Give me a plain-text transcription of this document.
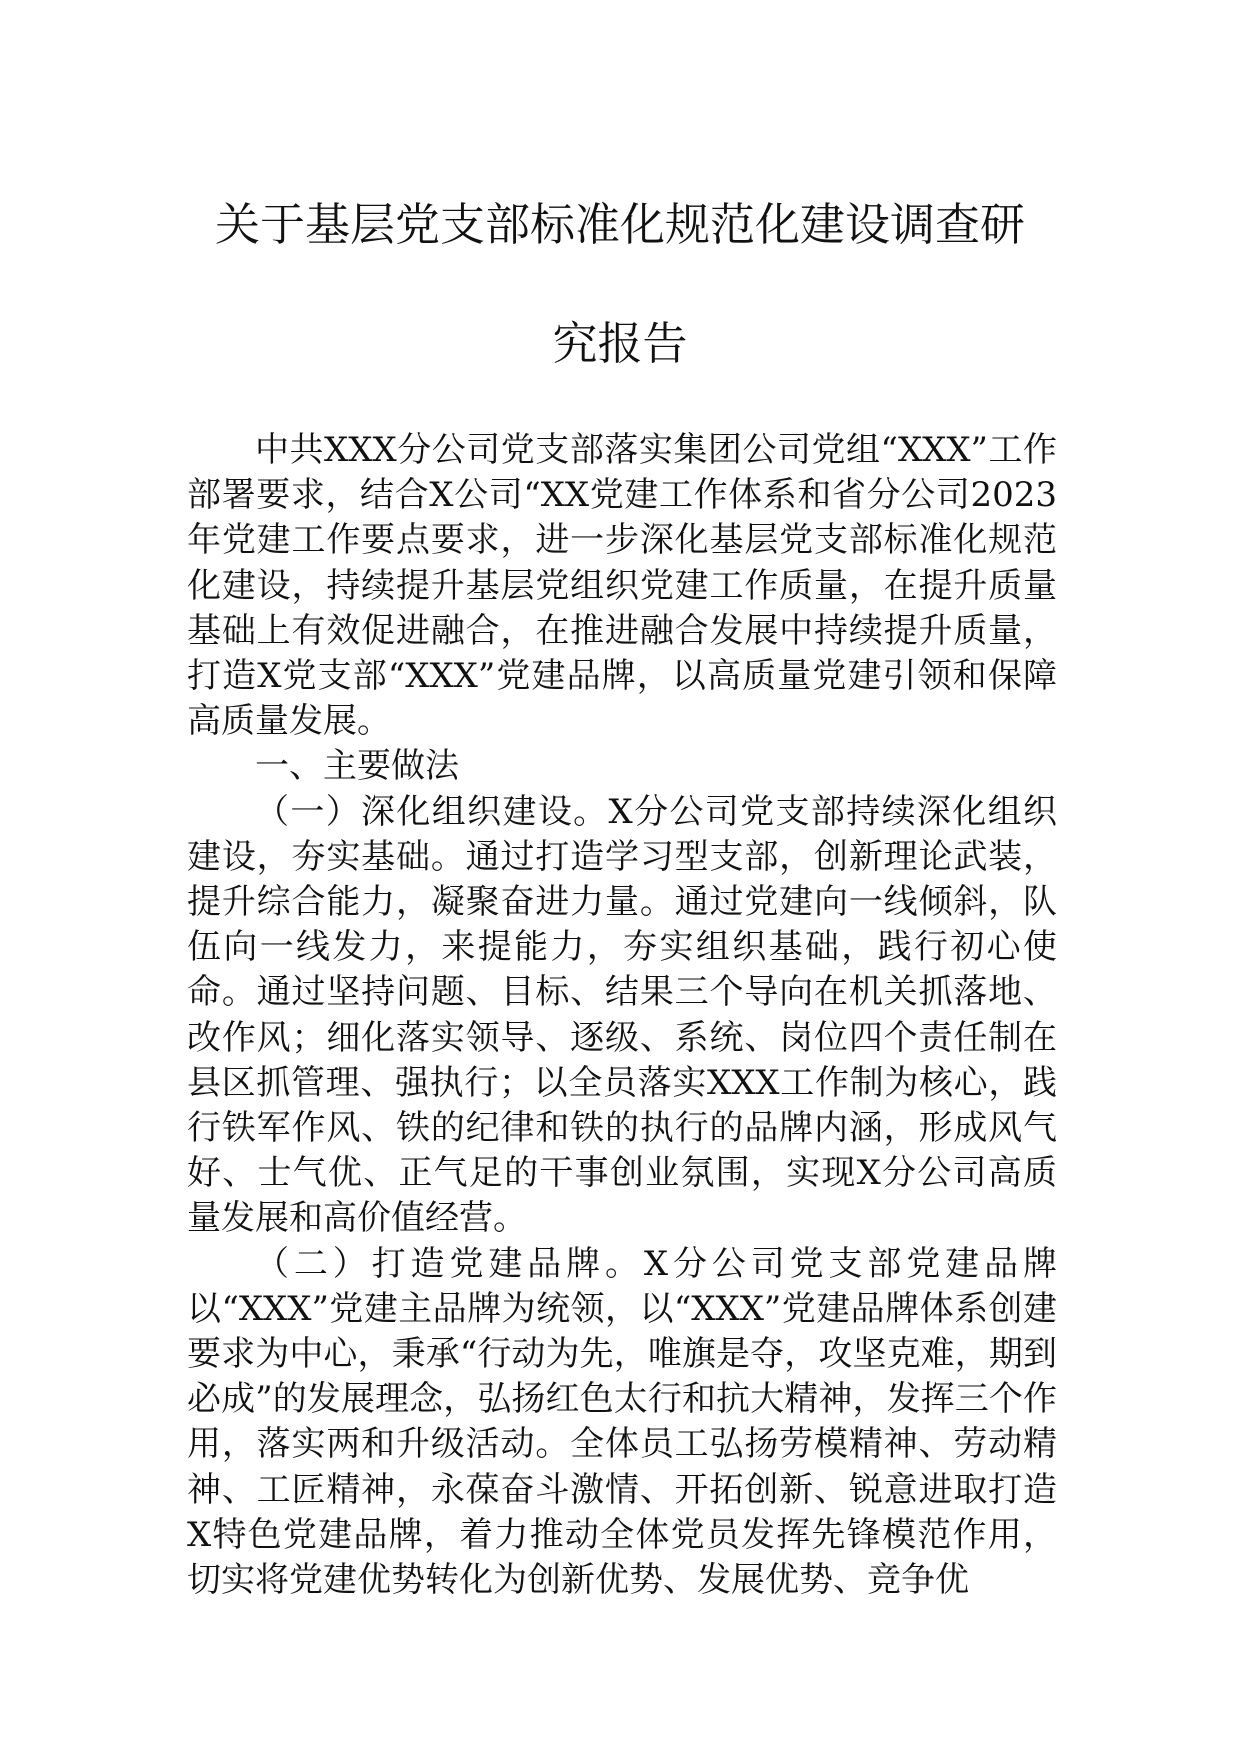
关于基层党支部标准化规范化建设调查研
究报告

中共XXX分公司党支部落实集团公司党组“XXX”工作部署要求，结合X公司“XX党建工作体系和省分公司2023年党建工作要点要求，进一步深化基层党支部标准化规范化建设，持续提升基层党组织党建工作质量，在提升质量基础上有效促进融合，在推进融合发展中持续提升质量，打造X党支部“XXX”党建品牌，以高质量党建引领和保障高质量发展。

一、主要做法

（一）深化组织建设。X分公司党支部持续深化组织建设，夯实基础。通过打造学习型支部，创新理论武装，提升综合能力，凝聚奋进力量。通过党建向一线倾斜，队伍向一线发力，来提能力，夯实组织基础，践行初心使命。通过坚持问题、目标、结果三个导向在机关抓落地、改作风；细化落实领导、逐级、系统、岗位四个责任制在县区抓管理、强执行；以全员落实XXX工作制为核心，践行铁军作风、铁的纪律和铁的执行的品牌内涵，形成风气好、士气优、正气足的干事创业氛围，实现X分公司高质量发展和高价值经营。

（二）打造党建品牌。X分公司党支部党建品牌以“XXX”党建主品牌为统领，以“XXX”党建品牌体系创建要求为中心，秉承“行动为先，唯旗是夺，攻坚克难，期到必成”的发展理念，弘扬红色太行和抗大精神，发挥三个作用，落实两和升级活动。全体员工弘扬劳模精神、劳动精神、工匠精神，永葆奋斗激情、开拓创新、锐意进取打造X特色党建品牌，着力推动全体党员发挥先锋模范作用，切实将党建优势转化为创新优势、发展优势、竞争优
